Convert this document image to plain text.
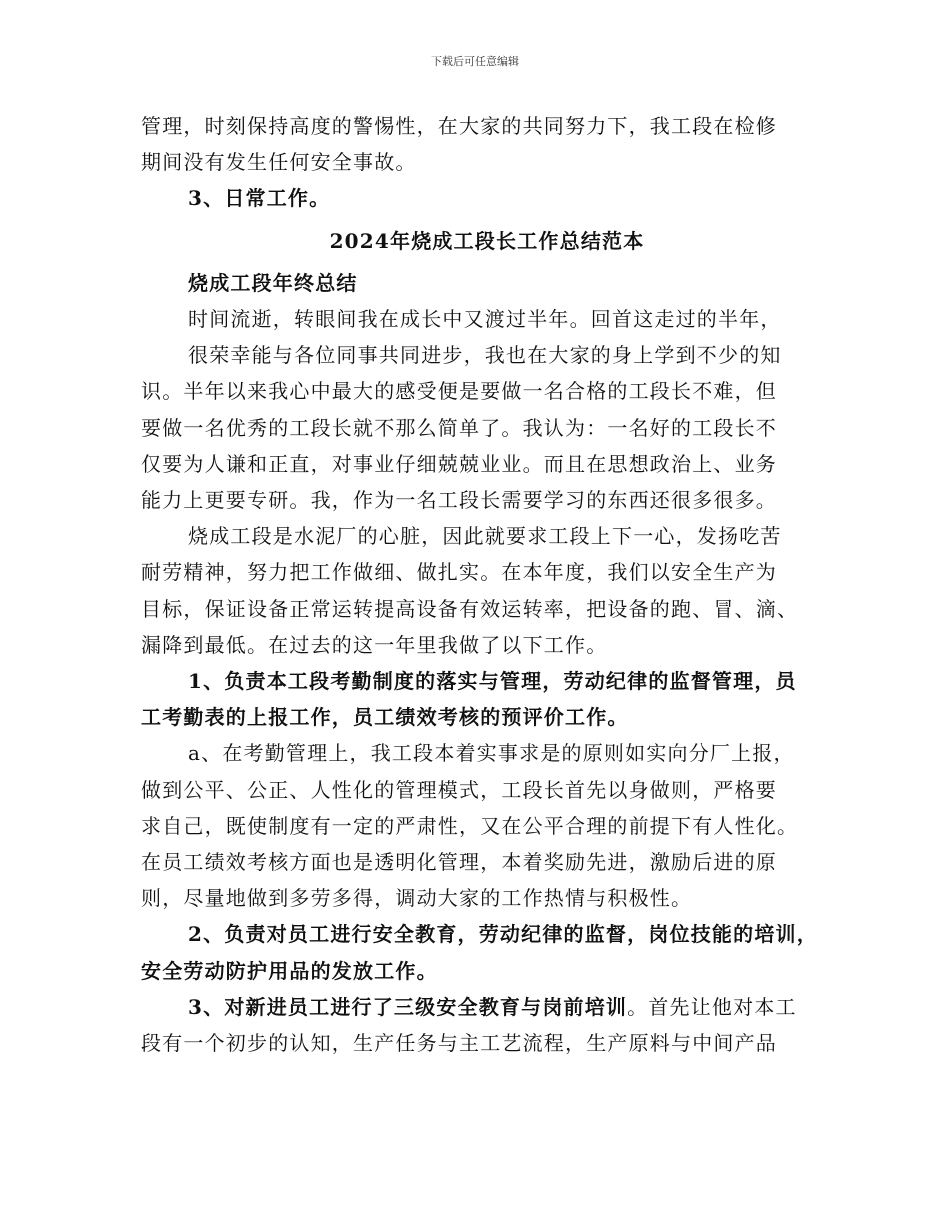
下载后可任意编辑
管理，时刻保持高度的警惕性，在大家的共同努力下，我工段在检修
期间没有发生任何安全事故。
3、日常工作。
2024年烧成工段长工作总结范本
烧成工段年终总结
时间流逝，转眼间我在成长中又渡过半年。回首这走过的半年，
很荣幸能与各位同事共同进步，我也在大家的身上学到不少的知
识。半年以来我心中最大的感受便是要做一名合格的工段长不难，但
要做一名优秀的工段长就不那么简单了。我认为：一名好的工段长不
仅要为人谦和正直，对事业仔细兢兢业业。而且在思想政治上、业务
能力上更要专研。我，作为一名工段长需要学习的东西还很多很多。
烧成工段是水泥厂的心脏，因此就要求工段上下一心，发扬吃苦
耐劳精神，努力把工作做细、做扎实。在本年度，我们以安全生产为
目标，保证设备正常运转提高设备有效运转率，把设备的跑、冒、滴、
漏降到最低。在过去的这一年里我做了以下工作。
1、负责本工段考勤制度的落实与管理，劳动纪律的监督管理，员
工考勤表的上报工作，员工绩效考核的预评价工作。
a、在考勤管理上，我工段本着实事求是的原则如实向分厂上报，
做到公平、公正、人性化的管理模式，工段长首先以身做则，严格要
求自己，既使制度有一定的严肃性，又在公平合理的前提下有人性化。
在员工绩效考核方面也是透明化管理，本着奖励先进，激励后进的原
则，尽量地做到多劳多得，调动大家的工作热情与积极性。
2、负责对员工进行安全教育，劳动纪律的监督，岗位技能的培训，
安全劳动防护用品的发放工作。
3、对新进员工进行了三级安全教育与岗前培训。首先让他对本工
段有一个初步的认知，生产任务与主工艺流程，生产原料与中间产品
